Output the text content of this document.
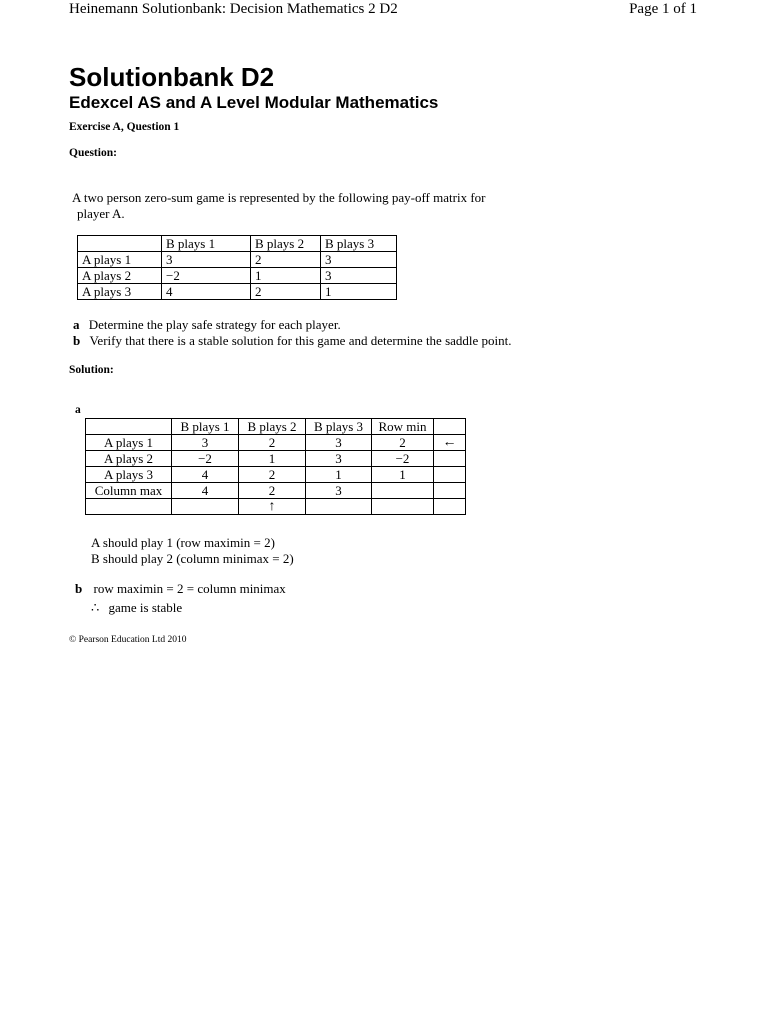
Heinemann Solutionbank: Decision Mathematics 2 D2	Page 1 of 1
Solutionbank D2
Edexcel AS and A Level Modular Mathematics
Exercise A, Question 1
Question:
A two person zero-sum game is represented by the following pay-off matrix for
player A.
	B plays 1	B plays 2	B plays 3
A plays 1	3	2	3
A plays 2	−2	1	3
A plays 3	4	2	1
a Determine the play safe strategy for each player.
b Verify that there is a stable solution for this game and determine the saddle point.
Solution:
a
	B plays 1	B plays 2	B plays 3	Row min	
A plays 1	3	2	3	2	←
A plays 2	−2	1	3	−2	
A plays 3	4	2	1	1	
Column max	4	2	3		
		↑			
A should play 1 (row maximin = 2)
B should play 2 (column minimax = 2)
b row maximin = 2 = column minimax
∴ game is stable
© Pearson Education Ltd 2010
